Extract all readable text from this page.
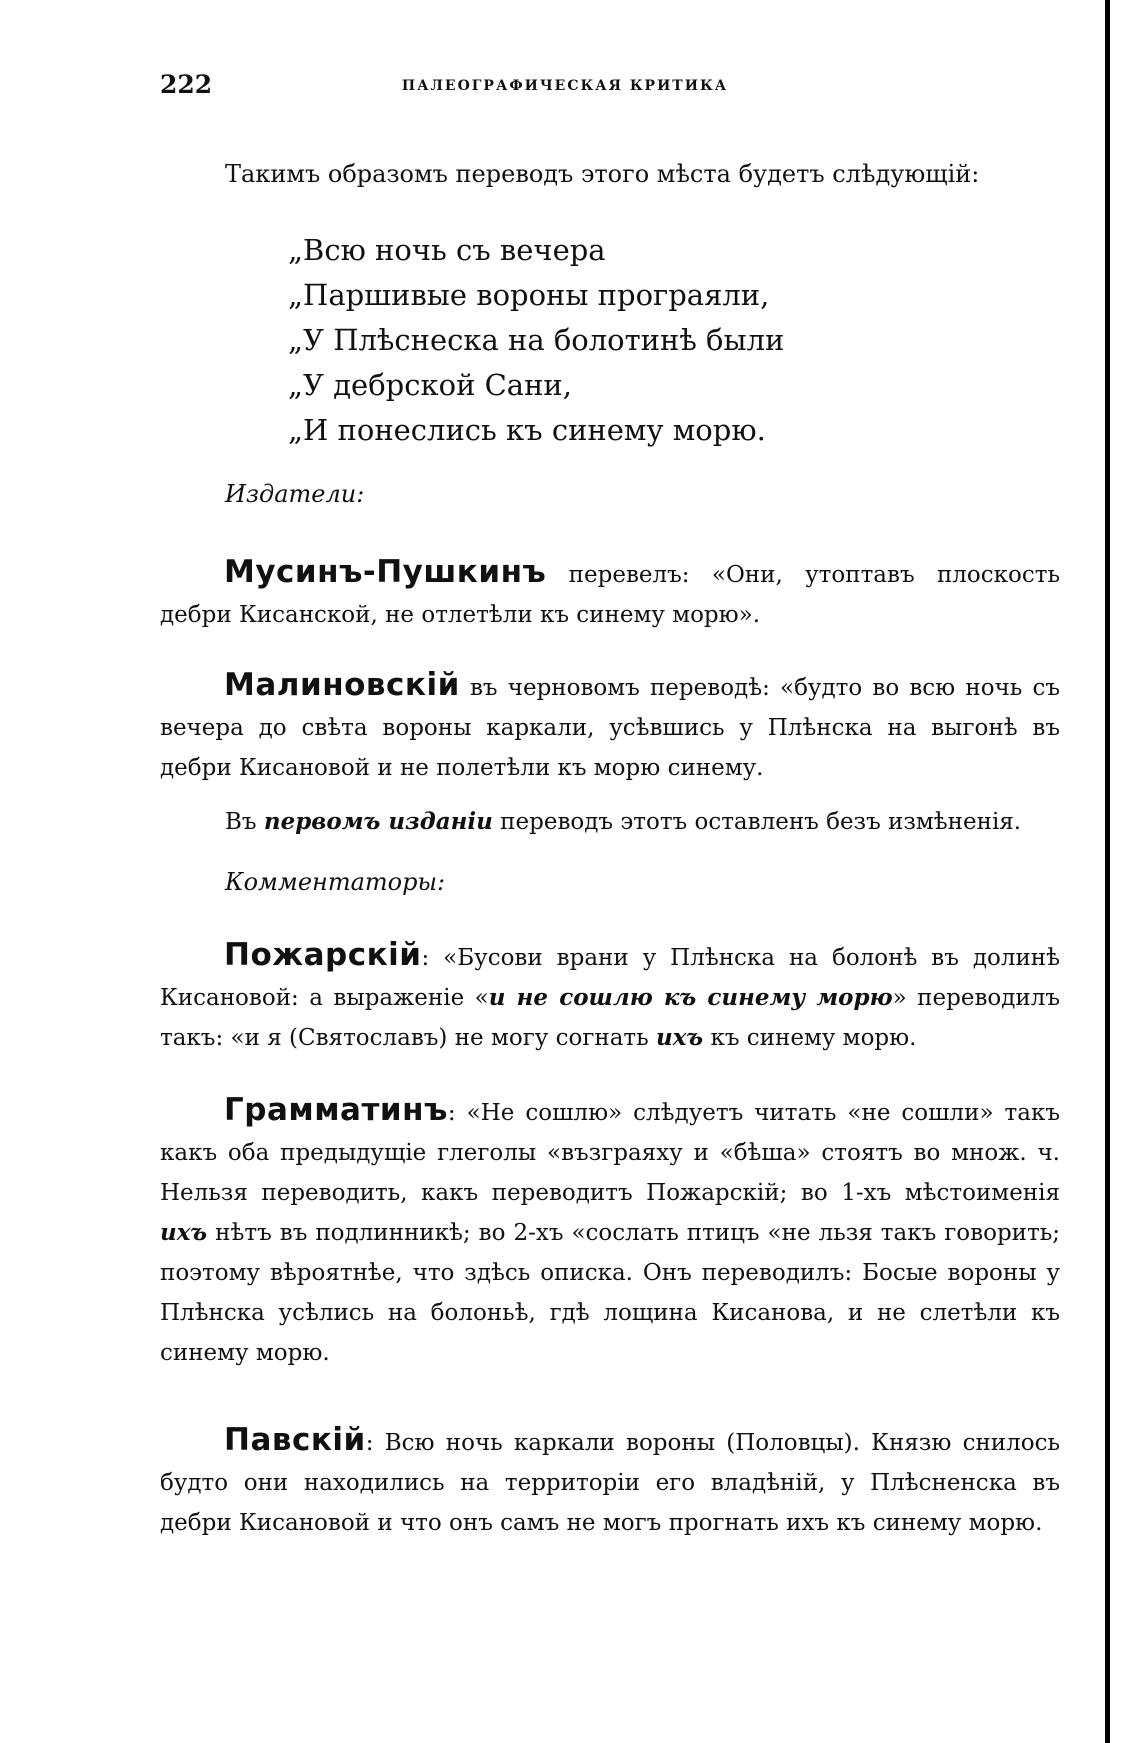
222	ПАЛЕОГРАФИЧЕСКАЯ КРИТИКА
Такимъ образомъ переводъ этого мѣста будетъ слѣдующій:
„Всю ночь съ вечера
„Паршивые вороны програяли,
„У Плѣснеска на болотинѣ были
„У дебрской Сани,
„И понеслись къ синему морю.
Издатели:
Мусинъ-Пушкинъ перевелъ: «Они, утоптавъ плоскость дебри Кисанской, не отлетѣли къ синему морю».
Малиновскій въ черновомъ переводѣ: «будто во всю ночь съ вечера до свѣта вороны каркали, усѣвшись у Плѣнска на выгонѣ въ дебри Кисановой и не полетѣли къ морю синему.
Въ первомъ изданіи переводъ этотъ оставленъ безъ измѣненія.
Комментаторы:
Пожарскій: «Бусови врани у Плѣнска на болонѣ въ долинѣ Кисановой: а выраженіе «и не сошлю къ синему морю» переводилъ такъ: «и я (Святославъ) не могу согнать ихъ къ синему морю.
Грамматинъ: «Не сошлю» слѣдуетъ читать «не сошли» такъ какъ оба предыдущіе глеголы «възграяху и «бѣша» стоятъ во множ. ч. Нельзя переводить, какъ переводитъ Пожарскій; во 1-хъ мѣстоименія ихъ нѣтъ въ подлинникѣ; во 2-хъ «сослать птицъ «не льзя такъ говорить; поэтому вѣроятнѣе, что здѣсь описка. Онъ переводилъ: Босые вороны у Плѣнска усѣлись на болоньѣ, гдѣ лощина Кисанова, и не слетѣли къ синему морю.
Павскій: Всю ночь каркали вороны (Половцы). Князю снилось будто они находились на территоріи его владѣній, у Плѣсненска въ дебри Кисановой и что онъ самъ не могъ прогнать ихъ къ синему морю.
